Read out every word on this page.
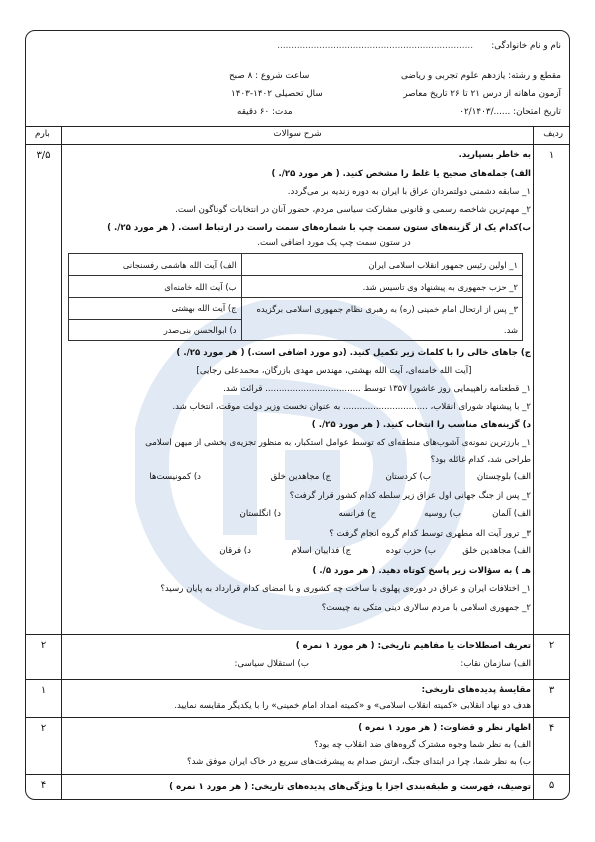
نام و نام خانوادگی:
......................................................................
مقطع و رشته: یازدهم علوم تجربی و ریاضی
ساعت شروع : ۸ صبح
آزمون ماهانه از درس ۲۱ تا ۲۶ تاریخ معاصر
سال تحصیلی ۱۴۰۲-۱۴۰۳
تاریخ امتحان: ....../۰۲/۱۴۰۳
مدت: ۶۰ دقیقه
ردیف
شرح سوالات
بارم
۱
۳/۵	به خاطر بسپارید.
الف) جمله‌های صحیح یا غلط را مشخص کنید. ( هر مورد ۲۵/. )
۱_ سابقه دشمنی دولتمردان عراق با ایران به دوره زندیه بر می‌گردد.
۲_ مهم‌ترین شاخصه رسمی و قانونی مشارکت سیاسی مردم، حضور آنان در انتخابات گوناگون است.
ب)کدام یک از گزینه‌های ستون سمت چپ با شماره‌های سمت راست در ارتباط است. ( هر مورد ۲۵/. )
در ستون سمت چپ یک مورد اضافی است.
۱_ اولین رئیس جمهور انقلاب اسلامی ایران	الف) آیت الله هاشمی رفسنجانی
۲_ حزب جمهوری به پیشنهاد وی تاسیس شد.	ب) آیت الله خامنه‌ای
۳_ پس از ارتحال امام خمینی (ره) به رهبری نظام جمهوری اسلامی برگزیده	ج) آیت الله بهشتی
شد.	د) ابوالحسن بنی‌صدر
ج) جاهای خالی را با کلمات زیر تکمیل کنید. (دو مورد اضافی است.) ( هر مورد ۲۵/. )
[آیت الله خامنه‌ای، آیت الله بهشتی، مهندس مهدی بازرگان، محمدعلی رجایی]
۱_ قطعنامه راهپیمایی روز عاشورا ۱۳۵۷ توسط ................................... قرائت شد.
۲_ با پیشنهاد شورای انقلاب، ............................... به عنوان نخست وزیر دولت موقت، انتخاب شد.
د) گزینه‌های مناسب را انتخاب کنید. ( هر مورد ۲۵/. )
۱_ بارزترین نمونه‌ی آشوب‌های منطقه‌ای که توسط عوامل استکبار، به منظور تجزیه‌ی بخشی از میهن اسلامی
طراحی شد، کدام غائله بود؟
الف) بلوچستان
ب) کردستان
ج) مجاهدین خلق
د) کمونیست‌ها
۲_ پس از جنگ جهانی اول عراق زیر سلطه کدام کشور قرار گرفت؟
الف) آلمان
ب) روسیه
ج) فرانسه
د) انگلستان
۳_ ترور آیت اله مطهری توسط کدام گروه انجام گرفت ؟
الف) مجاهدین خلق
ب) حزب توده
ج) فداییان اسلام
د) فرقان
هـ ) به سؤالات زیر پاسخ کوتاه دهید. ( هر مورد ۵/. )
۱_ اختلافات ایران و عراق در دوره‌ی پهلوی با ساخت چه کشوری و با امضای کدام قرارداد به پایان رسید؟
۲_ جمهوری اسلامی با مردم سالاری دینی متکی به چیست؟
۲
۲	تعریف اصطلاحات یا مفاهیم تاریخی: ( هر مورد ۱ نمره )
الف) سازمان نقاب:
ب) استقلال سیاسی:
۳
۱	مقایسهٔ پدیده‌های تاریخی:
هدف دو نهاد انقلابی «کمیته انقلاب اسلامی» و «کمیته امداد امام خمینی» را با یکدیگر مقایسه نمایید.
۴
۲	اظهار نظر و قضاوت: ( هر مورد ۱ نمره )
الف) به نظر شما وجوه مشترک گروه‌های ضد انقلاب چه بود؟
ب) به نظر شما، چرا در ابتدای جنگ، ارتش صدام به پیشرفت‌های سریع در خاک ایران موفق شد؟
۵
۴	توصیف، فهرست و طبقه‌بندی اجزا یا ویژگی‌های پدیده‌های تاریخی: ( هر مورد ۱ نمره )
